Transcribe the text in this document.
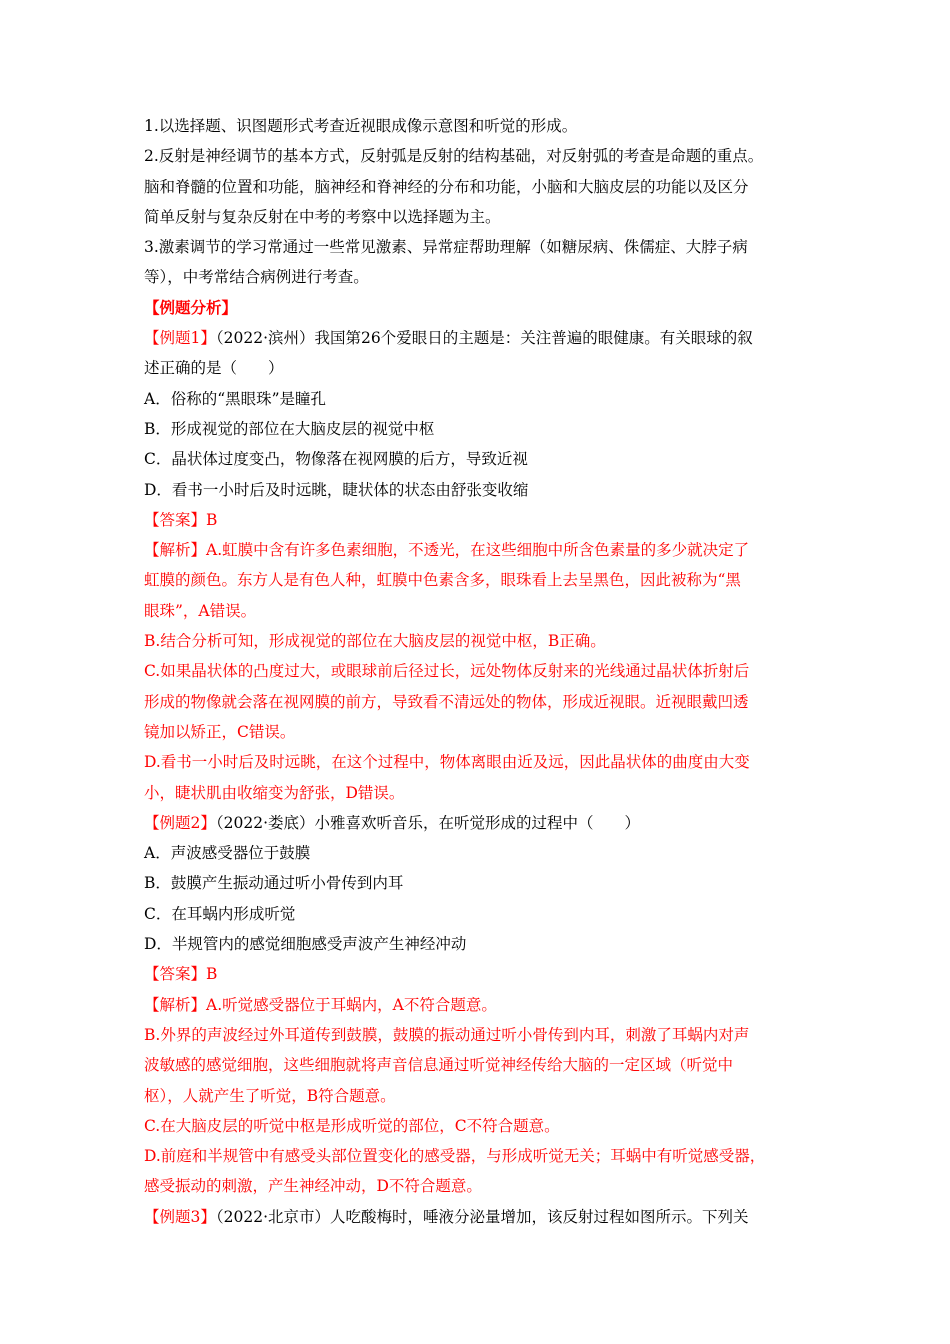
1.以选择题、识图题形式考查近视眼成像示意图和听觉的形成。
2.反射是神经调节的基本方式，反射弧是反射的结构基础，对反射弧的考查是命题的重点。
脑和脊髓的位置和功能，脑神经和脊神经的分布和功能，小脑和大脑皮层的功能以及区分
简单反射与复杂反射在中考的考察中以选择题为主。
3.激素调节的学习常通过一些常见激素、异常症帮助理解（如糖尿病、侏儒症、大脖子病
等），中考常结合病例进行考查。
【例题分析】
【例题1】（2022·滨州）我国第26个爱眼日的主题是：关注普遍的眼健康。有关眼球的叙
述正确的是（　　）
A．俗称的“黑眼珠”是瞳孔
B．形成视觉的部位在大脑皮层的视觉中枢
C．晶状体过度变凸，物像落在视网膜的后方，导致近视
D．看书一小时后及时远眺，睫状体的状态由舒张变收缩
【答案】B
【解析】A.虹膜中含有许多色素细胞，不透光，在这些细胞中所含色素量的多少就决定了
虹膜的颜色。东方人是有色人种，虹膜中色素含多，眼珠看上去呈黑色，因此被称为“黑
眼珠”，A错误。
B.结合分析可知，形成视觉的部位在大脑皮层的视觉中枢，B正确。
C.如果晶状体的凸度过大，或眼球前后径过长，远处物体反射来的光线通过晶状体折射后
形成的物像就会落在视网膜的前方，导致看不清远处的物体，形成近视眼。近视眼戴凹透
镜加以矫正，C错误。
D.看书一小时后及时远眺，在这个过程中，物体离眼由近及远，因此晶状体的曲度由大变
小，睫状肌由收缩变为舒张，D错误。
【例题2】（2022·娄底）小雅喜欢听音乐，在听觉形成的过程中（　　）
A．声波感受器位于鼓膜
B．鼓膜产生振动通过听小骨传到内耳
C．在耳蜗内形成听觉
D．半规管内的感觉细胞感受声波产生神经冲动
【答案】B
【解析】A.听觉感受器位于耳蜗内，A不符合题意。
B.外界的声波经过外耳道传到鼓膜，鼓膜的振动通过听小骨传到内耳，刺激了耳蜗内对声
波敏感的感觉细胞，这些细胞就将声音信息通过听觉神经传给大脑的一定区域（听觉中
枢），人就产生了听觉，B符合题意。
C.在大脑皮层的听觉中枢是形成听觉的部位，C不符合题意。
D.前庭和半规管中有感受头部位置变化的感受器，与形成听觉无关；耳蜗中有听觉感受器，
感受振动的刺激，产生神经冲动，D不符合题意。
【例题3】（2022·北京市）人吃酸梅时，唾液分泌量增加，该反射过程如图所示。下列关
